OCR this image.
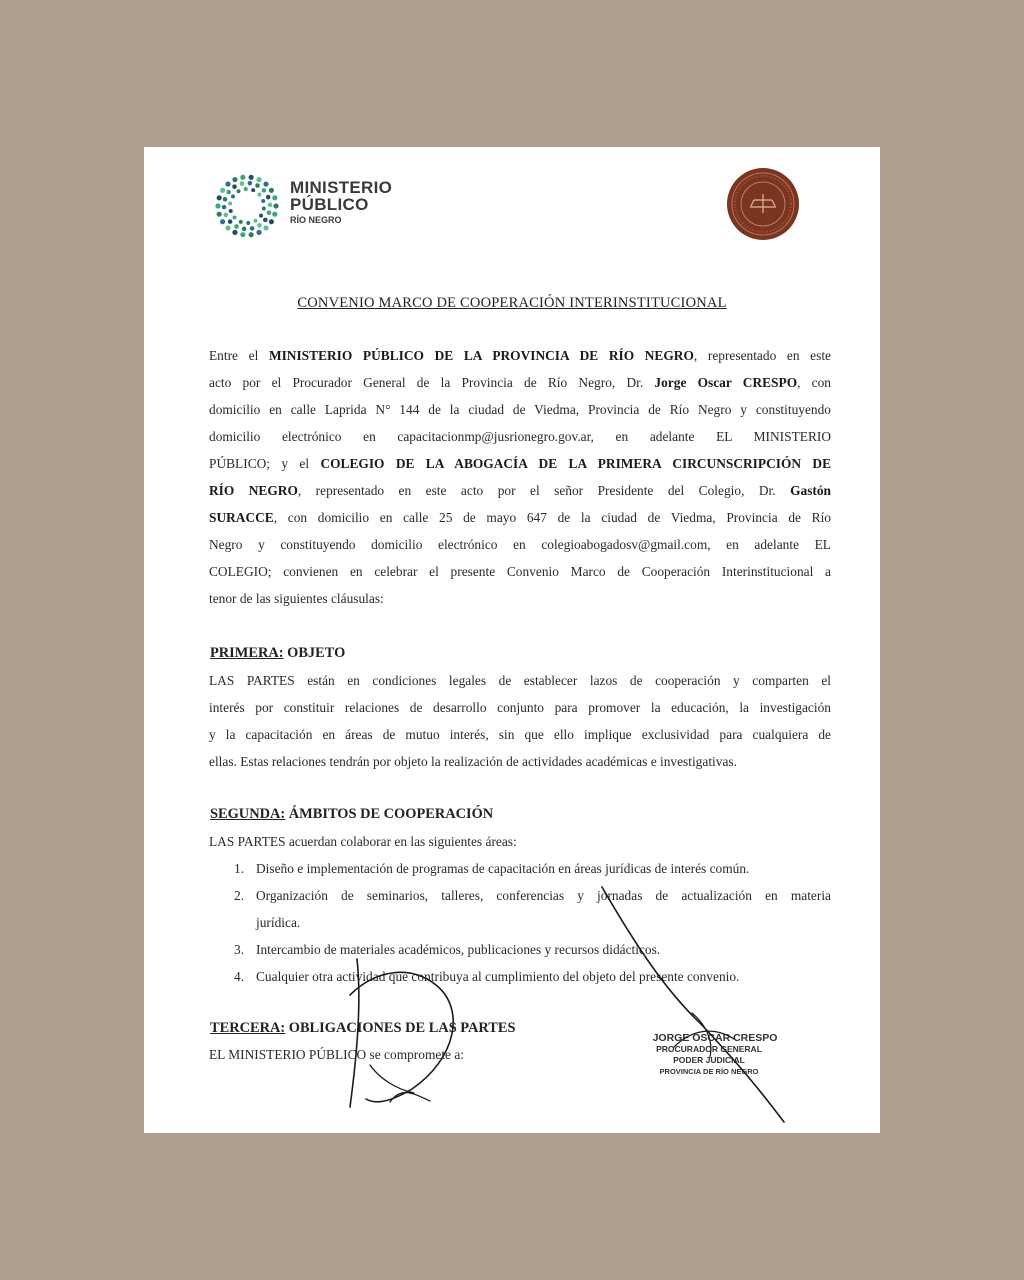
MINISTERIO
PÚBLICO
RÍO NEGRO
CONVENIO MARCO DE COOPERACIÓN INTERINSTITUCIONAL
Entre el MINISTERIO PÚBLICO DE LA PROVINCIA DE RÍO NEGRO, representado en este
acto por el Procurador General de la Provincia de Río Negro, Dr. Jorge Oscar CRESPO, con
domicilio en calle Laprida N° 144 de la ciudad de Viedma, Provincia de Río Negro y constituyendo
domicilio electrónico en capacitacionmp@jusrionegro.gov.ar, en adelante EL MINISTERIO
PÚBLICO; y el COLEGIO DE LA ABOGACÍA DE LA PRIMERA CIRCUNSCRIPCIÓN DE
RÍO NEGRO, representado en este acto por el señor Presidente del Colegio, Dr. Gastón
SURACCE, con domicilio en calle 25 de mayo 647 de la ciudad de Viedma, Provincia de Río
Negro y constituyendo domicilio electrónico en colegioabogadosv@gmail.com, en adelante EL
COLEGIO; convienen en celebrar el presente Convenio Marco de Cooperación Interinstitucional a
tenor de las siguientes cláusulas:
PRIMERA: OBJETO
LAS PARTES están en condiciones legales de establecer lazos de cooperación y comparten el
interés por constituir relaciones de desarrollo conjunto para promover la educación, la investigación
y la capacitación en áreas de mutuo interés, sin que ello implique exclusividad para cualquiera de
ellas. Estas relaciones tendrán por objeto la realización de actividades académicas e investigativas.
SEGUNDA: ÁMBITOS DE COOPERACIÓN
LAS PARTES acuerdan colaborar en las siguientes áreas:
1. Diseño e implementación de programas de capacitación en áreas jurídicas de interés común.
2. Organización de seminarios, talleres, conferencias y jornadas de actualización en materia
jurídica.
3. Intercambio de materiales académicos, publicaciones y recursos didácticos.
4. Cualquier otra actividad que contribuya al cumplimiento del objeto del presente convenio.
TERCERA: OBLIGACIONES DE LAS PARTES
EL MINISTERIO PÚBLICO se compromete a:
JORGE OSCAR CRESPO
PROCURADOR GENERAL
PODER JUDICIAL
PROVINCIA DE RÍO NEGRO
